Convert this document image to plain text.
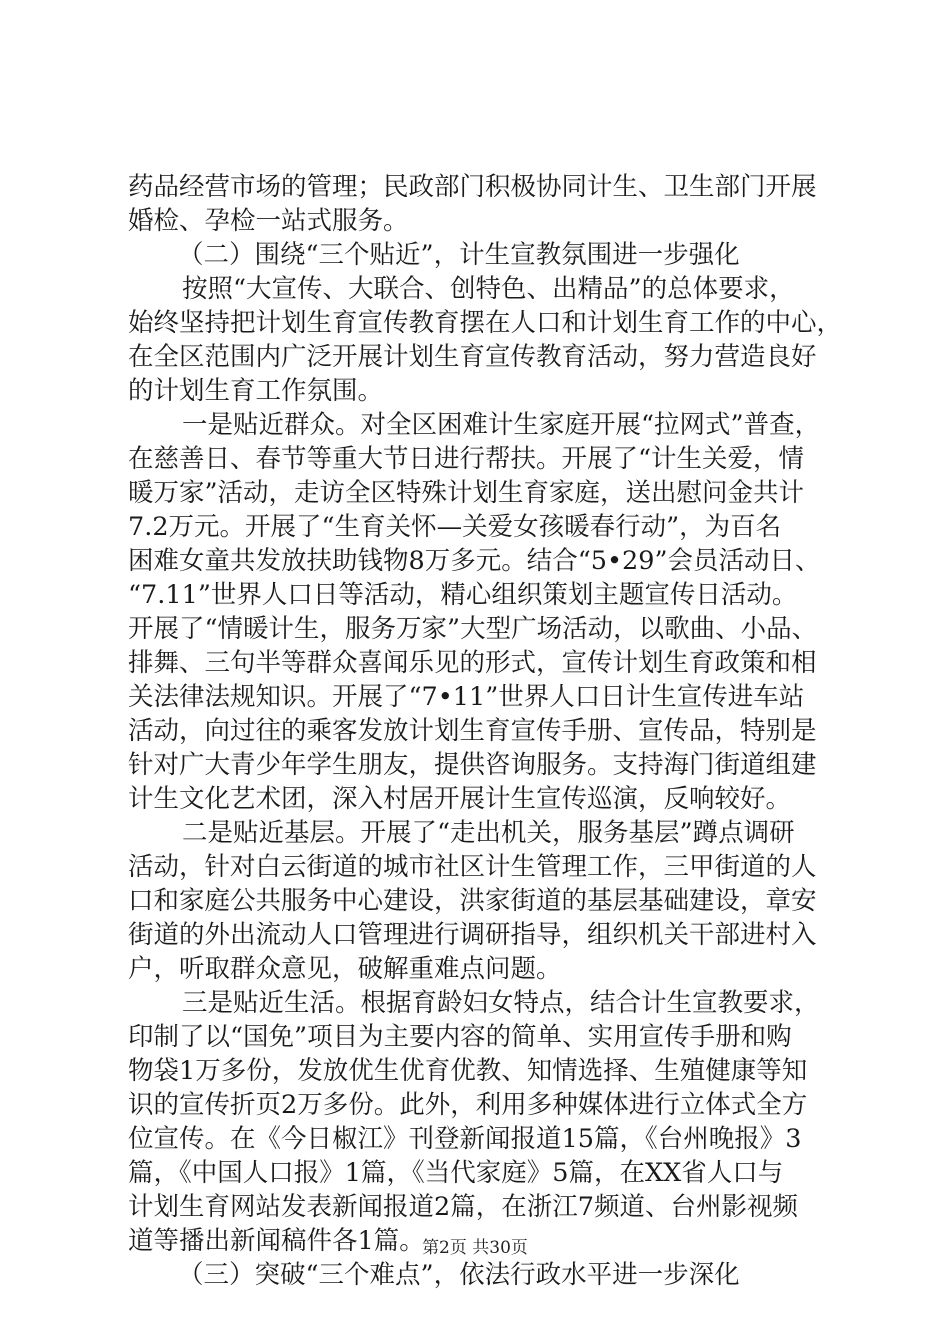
药品经营市场的管理；民政部门积极协同计生、卫生部门开展
婚检、孕检一站式服务。
（二）围绕“三个贴近”，计生宣教氛围进一步强化
按照“大宣传、大联合、创特色、出精品”的总体要求，
始终坚持把计划生育宣传教育摆在人口和计划生育工作的中心，
在全区范围内广泛开展计划生育宣传教育活动，努力营造良好
的计划生育工作氛围。
一是贴近群众。对全区困难计生家庭开展“拉网式”普查，
在慈善日、春节等重大节日进行帮扶。开展了“计生关爱，情
暖万家”活动，走访全区特殊计划生育家庭，送出慰问金共计
7.2万元。开展了“生育关怀—关爱女孩暖春行动”，为百名
困难女童共发放扶助钱物8万多元。结合“5•29”会员活动日、
“7.11”世界人口日等活动，精心组织策划主题宣传日活动。
开展了“情暖计生，服务万家”大型广场活动，以歌曲、小品、
排舞、三句半等群众喜闻乐见的形式，宣传计划生育政策和相
关法律法规知识。开展了“7•11”世界人口日计生宣传进车站
活动，向过往的乘客发放计划生育宣传手册、宣传品，特别是
针对广大青少年学生朋友，提供咨询服务。支持海门街道组建
计生文化艺术团，深入村居开展计生宣传巡演，反响较好。
二是贴近基层。开展了“走出机关，服务基层”蹲点调研
活动，针对白云街道的城市社区计生管理工作，三甲街道的人
口和家庭公共服务中心建设，洪家街道的基层基础建设，章安
街道的外出流动人口管理进行调研指导，组织机关干部进村入
户，听取群众意见，破解重难点问题。
三是贴近生活。根据育龄妇女特点，结合计生宣教要求，
印制了以“国免”项目为主要内容的简单、实用宣传手册和购
物袋1万多份，发放优生优育优教、知情选择、生殖健康等知
识的宣传折页2万多份。此外，利用多种媒体进行立体式全方
位宣传。在《今日椒江》刊登新闻报道15篇，《台州晚报》3
篇，《中国人口报》1篇，《当代家庭》5篇，在XX省人口与
计划生育网站发表新闻报道2篇，在浙江7频道、台州影视频
道等播出新闻稿件各1篇。
（三）突破“三个难点”，依法行政水平进一步深化
第2页 共30页
